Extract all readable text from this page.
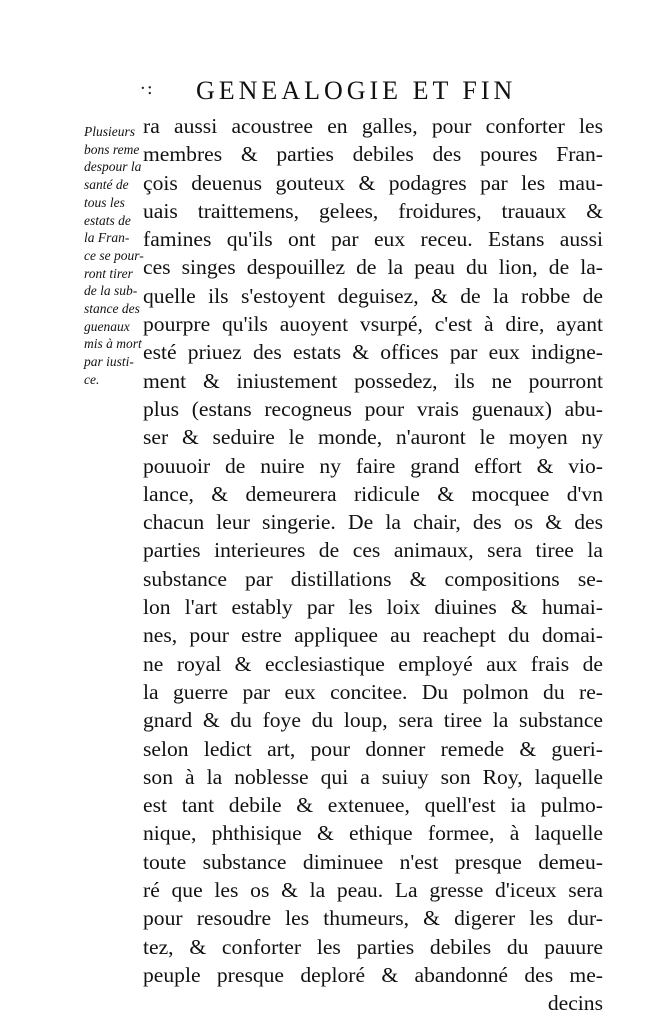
·: GENEALOGIE ET FIN
Plusieurs
bons reme
despour la
santé de
tous les
estats de
la Fran-
ce se pour-
ront tirer
de la sub-
stance des
guenaux
mis à mort
par iusti-
ce.
ra aussi acoustree en galles, pour conforter les
membres & parties debiles des poures Fran-
çois deuenus gouteux & podagres par les mau-
uais traittemens, gelees, froidures, trauaux &
famines qu'ils ont par eux receu. Estans aussi
ces singes despouillez de la peau du lion, de la-
quelle ils s'estoyent deguisez, & de la robbe de
pourpre qu'ils auoyent vsurpé, c'est à dire, ayant
esté priuez des estats & offices par eux indigne-
ment & iniustement possedez, ils ne pourront
plus (estans recogneus pour vrais guenaux) abu-
ser & seduire le monde, n'auront le moyen ny
pouuoir de nuire ny faire grand effort & vio-
lance, & demeurera ridicule & mocquee d'vn
chacun leur singerie. De la chair, des os & des
parties interieures de ces animaux, sera tiree la
substance par distillations & compositions se-
lon l'art estably par les loix diuines & humai-
nes, pour estre appliquee au reachept du domai-
ne royal & ecclesiastique employé aux frais de
la guerre par eux concitee. Du polmon du re-
gnard & du foye du loup, sera tiree la substance
selon ledict art, pour donner remede & gueri-
son à la noblesse qui a suiuy son Roy, laquelle
est tant debile & extenuee, quell'est ia pulmo-
nique, phthisique & ethique formee, à laquelle
toute substance diminuee n'est presque demeu-
ré que les os & la peau. La gresse d'iceux sera
pour resoudre les thumeurs, & digerer les dur-
tez, & conforter les parties debiles du pauure
peuple presque deploré & abandonné des me-
decins
